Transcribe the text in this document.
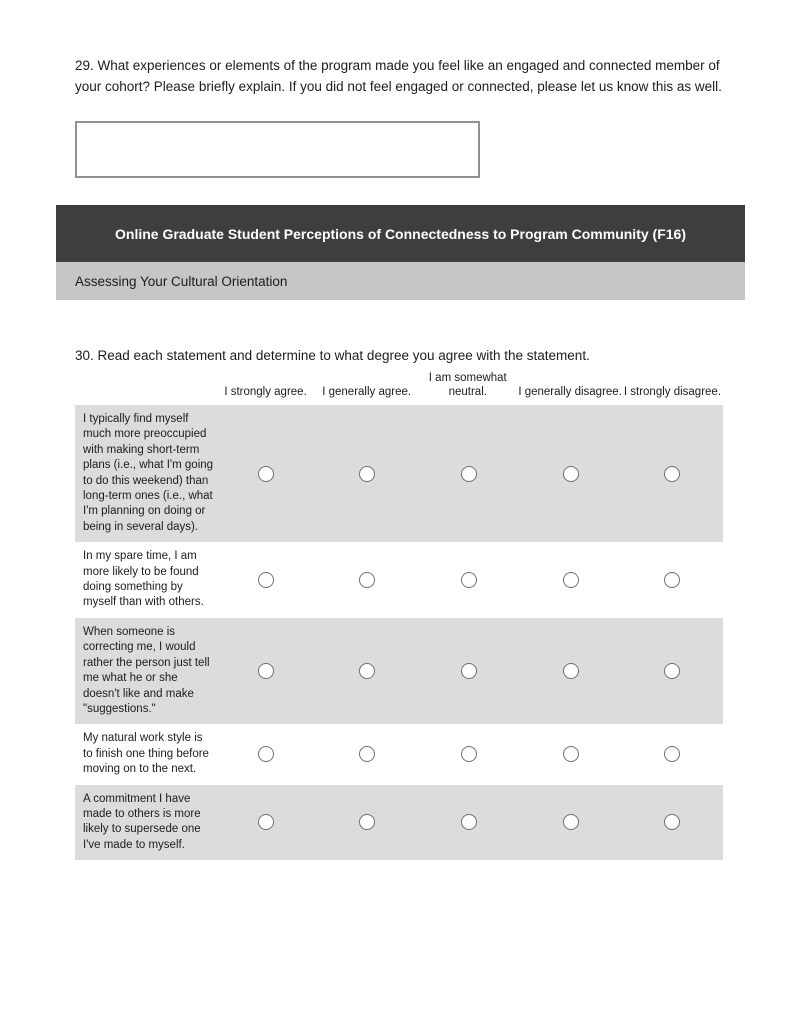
29. What experiences or elements of the program made you feel like an engaged and connected member of your cohort? Please briefly explain. If you did not feel engaged or connected, please let us know this as well.
Online Graduate Student Perceptions of Connectedness to Program Community (F16)
Assessing Your Cultural Orientation
30. Read each statement and determine to what degree you agree with the statement.
I strongly agree.	I generally agree.
I am somewhat neutral.	I generally disagree. I strongly disagree.
I typically find myself much more preoccupied with making short-term plans (i.e., what I'm going to do this weekend) than long-term ones (i.e., what I'm planning on doing or being in several days).
In my spare time, I am more likely to be found doing something by myself than with others.
When someone is correcting me, I would rather the person just tell me what he or she doesn't like and make "suggestions."
My natural work style is to finish one thing before moving on to the next.
A commitment I have made to others is more likely to supersede one I've made to myself.
